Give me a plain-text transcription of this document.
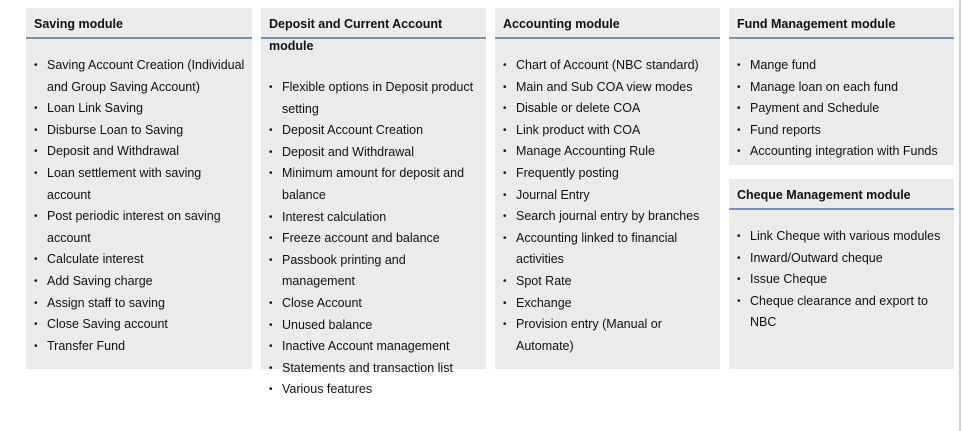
Saving module
• Saving Account Creation (Individual
and Group Saving Account)
• Loan Link Saving
• Disburse Loan to Saving
• Deposit and Withdrawal
• Loan settlement with saving account
• Post periodic interest on saving
account
• Calculate interest
• Add Saving charge
• Assign staff to saving
• Close Saving account
• Transfer Fund
Deposit and Current Account
module
• Flexible options in Deposit product
setting
• Deposit Account Creation
• Deposit and Withdrawal
• Minimum amount for deposit and
balance
• Interest calculation
• Freeze account and balance
• Passbook printing and management
• Close Account
• Unused balance
• Inactive Account management
• Statements and transaction list
• Various features
Accounting module
• Chart of Account (NBC standard)
• Main and Sub COA view modes
• Disable or delete COA
• Link product with COA
• Manage Accounting Rule
• Frequently posting
• Journal Entry
• Search journal entry by branches
• Accounting linked to financial
activities
• Spot Rate
• Exchange
• Provision entry (Manual or Automate)
Fund Management module
• Mange fund
• Manage loan on each fund
• Payment and Schedule
• Fund reports
• Accounting integration with Funds
Cheque Management module
• Link Cheque with various modules
• Inward/Outward cheque
• Issue Cheque
• Cheque clearance and export to
NBC
